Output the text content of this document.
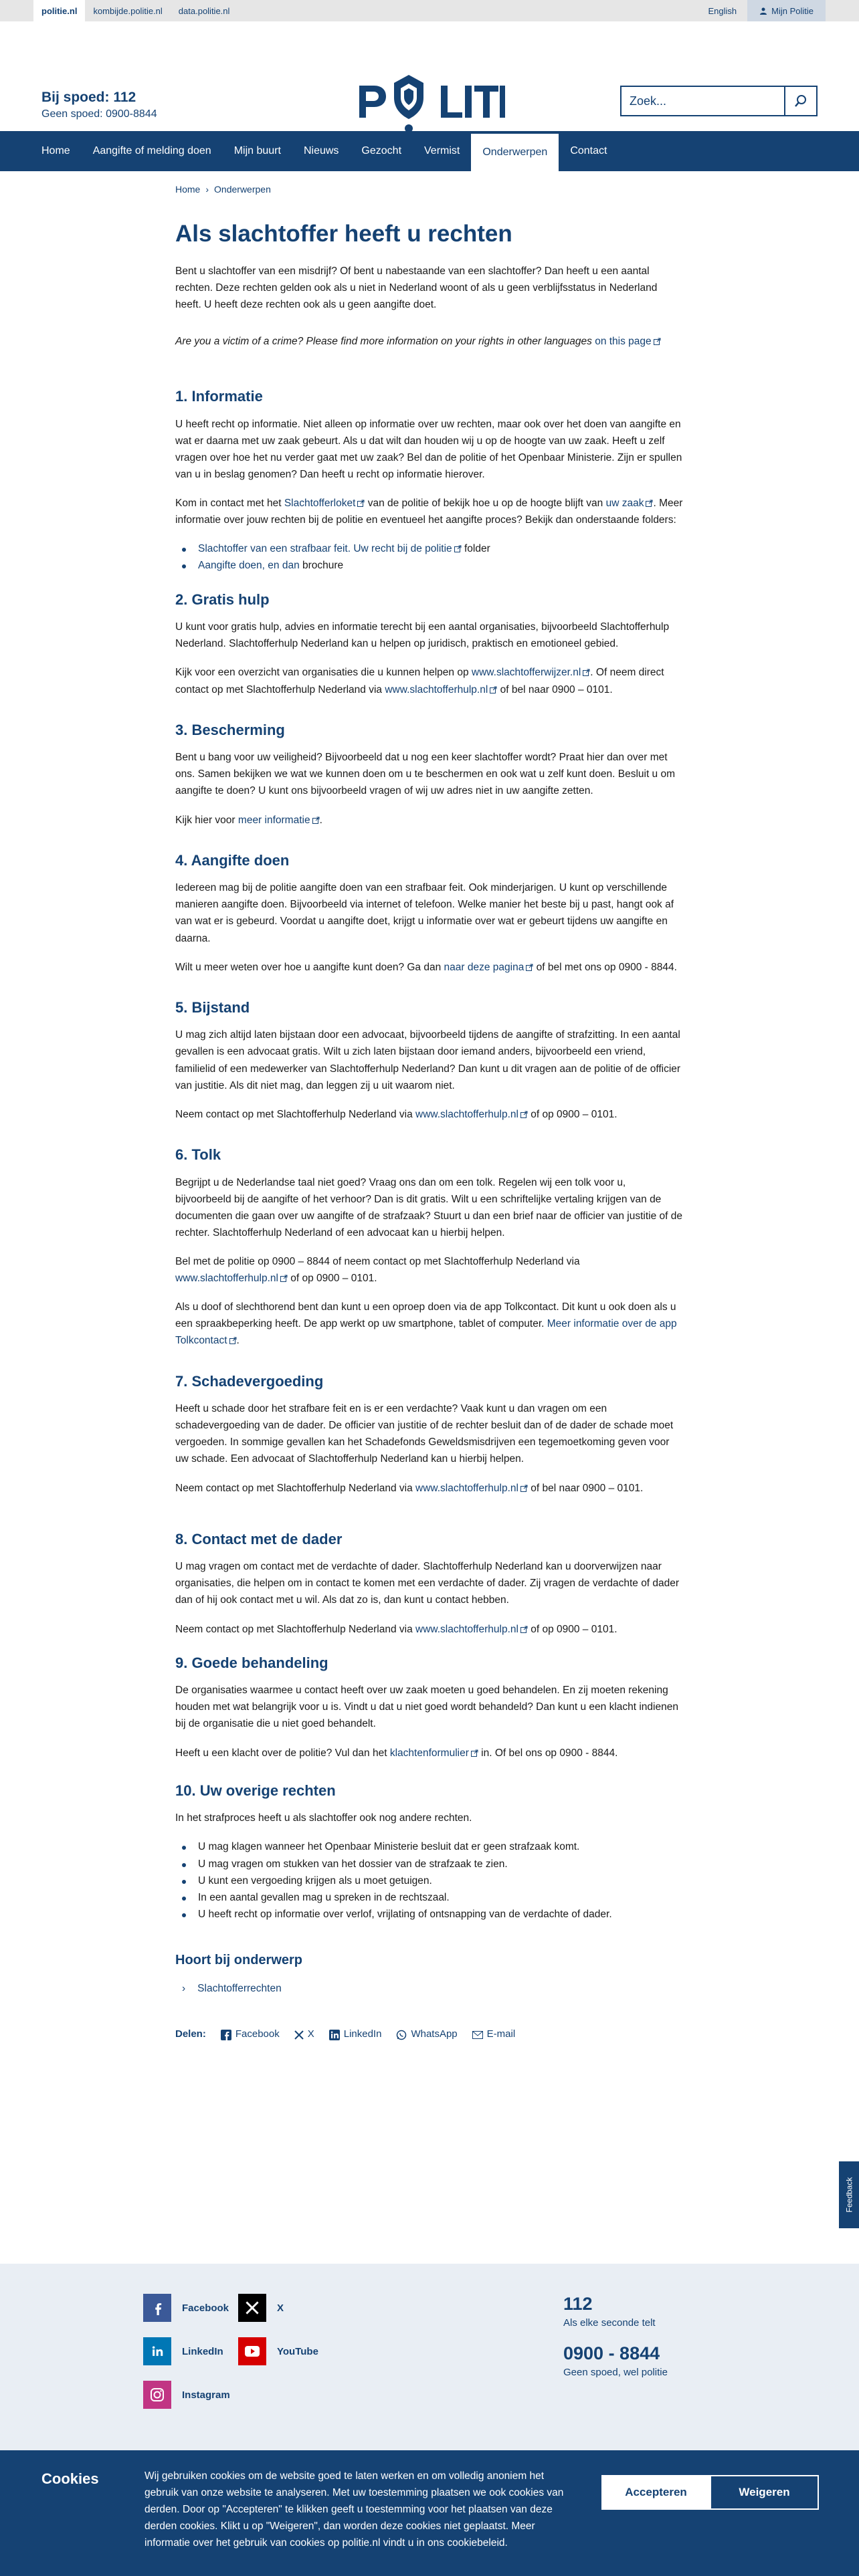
politie.nl	kombijde.politie.nl	data.politie.nl	English	Mijn Politie
Bij spoed: 112
Geen spoed: 0900-8844
POLITIE
Zoek...
Home	Aangifte of melding doen	Mijn buurt	Nieuws	Gezocht	Vermist	Onderwerpen	Contact
Home › Onderwerpen
Als slachtoffer heeft u rechten

Bent u slachtoffer van een misdrijf? Of bent u nabestaande van een slachtoffer? Dan heeft u een aantal rechten. Deze rechten gelden ook als u niet in Nederland woont of als u geen verblijfsstatus in Nederland heeft. U heeft deze rechten ook als u geen aangifte doet.

Are you a victim of a crime? Please find more information on your rights in other languages on this page

1. Informatie

U heeft recht op informatie. Niet alleen op informatie over uw rechten, maar ook over het doen van aangifte en wat er daarna met uw zaak gebeurt. Als u dat wilt dan houden wij u op de hoogte van uw zaak. Heeft u zelf vragen over hoe het nu verder gaat met uw zaak? Bel dan de politie of het Openbaar Ministerie. Zijn er spullen van u in beslag genomen? Dan heeft u recht op informatie hierover.

Kom in contact met het Slachtofferloket van de politie of bekijk hoe u op de hoogte blijft van uw zaak . Meer informatie over jouw rechten bij de politie en eventueel het aangifte proces? Bekijk dan onderstaande folders:

Slachtoffer van een strafbaar feit. Uw recht bij de politie folder
Aangifte doen, en dan brochure
2. Gratis hulp

U kunt voor gratis hulp, advies en informatie terecht bij een aantal organisaties, bijvoorbeeld Slachtofferhulp Nederland. Slachtofferhulp Nederland kan u helpen op juridisch, praktisch en emotioneel gebied.

Kijk voor een overzicht van organisaties die u kunnen helpen op www.slachtofferwijzer.nl . Of neem direct contact op met Slachtofferhulp Nederland via www.slachtofferhulp.nl of bel naar 0900 – 0101.

3. Bescherming

Bent u bang voor uw veiligheid? Bijvoorbeeld dat u nog een keer slachtoffer wordt? Praat hier dan over met ons. Samen bekijken we wat we kunnen doen om u te beschermen en ook wat u zelf kunt doen. Besluit u om aangifte te doen? U kunt ons bijvoorbeeld vragen of wij uw adres niet in uw aangifte zetten.

Kijk hier voor meer informatie .

4. Aangifte doen

Iedereen mag bij de politie aangifte doen van een strafbaar feit. Ook minderjarigen. U kunt op verschillende manieren aangifte doen. Bijvoorbeeld via internet of telefoon. Welke manier het beste bij u past, hangt ook af van wat er is gebeurd. Voordat u aangifte doet, krijgt u informatie over wat er gebeurt tijdens uw aangifte en daarna.

Wilt u meer weten over hoe u aangifte kunt doen? Ga dan naar deze pagina of bel met ons op 0900 - 8844.

5. Bijstand

U mag zich altijd laten bijstaan door een advocaat, bijvoorbeeld tijdens de aangifte of strafzitting. In een aantal gevallen is een advocaat gratis. Wilt u zich laten bijstaan door iemand anders, bijvoorbeeld een vriend, familielid of een medewerker van Slachtofferhulp Nederland? Dan kunt u dit vragen aan de politie of de officier van justitie. Als dit niet mag, dan leggen zij u uit waarom niet.

Neem contact op met Slachtofferhulp Nederland via www.slachtofferhulp.nl of op 0900 – 0101.

6. Tolk

Begrijpt u de Nederlandse taal niet goed? Vraag ons dan om een tolk. Regelen wij een tolk voor u, bijvoorbeeld bij de aangifte of het verhoor? Dan is dit gratis. Wilt u een schriftelijke vertaling krijgen van de documenten die gaan over uw aangifte of de strafzaak? Stuurt u dan een brief naar de officier van justitie of de rechter. Slachtofferhulp Nederland of een advocaat kan u hierbij helpen.

Bel met de politie op 0900 – 8844 of neem contact op met Slachtofferhulp Nederland via www.slachtofferhulp.nl of op 0900 – 0101.

Als u doof of slechthorend bent dan kunt u een oproep doen via de app Tolkcontact. Dit kunt u ook doen als u een spraakbeperking heeft. De app werkt op uw smartphone, tablet of computer. Meer informatie over de app Tolkcontact .

7. Schadevergoeding

Heeft u schade door het strafbare feit en is er een verdachte? Vaak kunt u dan vragen om een schadevergoeding van de dader. De officier van justitie of de rechter besluit dan of de dader de schade moet vergoeden. In sommige gevallen kan het Schadefonds Geweldsmisdrijven een tegemoetkoming geven voor uw schade. Een advocaat of Slachtofferhulp Nederland kan u hierbij helpen.

Neem contact op met Slachtofferhulp Nederland via www.slachtofferhulp.nl of bel naar 0900 – 0101.

8. Contact met de dader

U mag vragen om contact met de verdachte of dader. Slachtofferhulp Nederland kan u doorverwijzen naar organisaties, die helpen om in contact te komen met een verdachte of dader. Zij vragen de verdachte of dader dan of hij ook contact met u wil. Als dat zo is, dan kunt u contact hebben.

Neem contact op met Slachtofferhulp Nederland via www.slachtofferhulp.nl of op 0900 – 0101.

9. Goede behandeling

De organisaties waarmee u contact heeft over uw zaak moeten u goed behandelen. En zij moeten rekening houden met wat belangrijk voor u is. Vindt u dat u niet goed wordt behandeld? Dan kunt u een klacht indienen bij de organisatie die u niet goed behandelt.

Heeft u een klacht over de politie? Vul dan het klachtenformulier in. Of bel ons op 0900 - 8844.

10. Uw overige rechten

In het strafproces heeft u als slachtoffer ook nog andere rechten.

U mag klagen wanneer het Openbaar Ministerie besluit dat er geen strafzaak komt.
U mag vragen om stukken van het dossier van de strafzaak te zien.
U kunt een vergoeding krijgen als u moet getuigen.
In een aantal gevallen mag u spreken in de rechtszaal.
U heeft recht op informatie over verlof, vrijlating of ontsnapping van de verdachte of dader.
Hoort bij onderwerp
› Slachtofferrechten
Delen:	Facebook	X	LinkedIn	WhatsApp	E-mail
Feedback
Facebook	X
LinkedIn	YouTube
Instagram
112
Als elke seconde telt
0900 - 8844
Geen spoed, wel politie
Cookies	Wij gebruiken cookies om de website goed te laten werken en om volledig anoniem het gebruik van onze website te analyseren. Met uw toestemming plaatsen we ook cookies van derden. Door op "Accepteren" te klikken geeft u toestemming voor het plaatsen van deze derden cookies. Klikt u op "Weigeren", dan worden deze cookies niet geplaatst. Meer informatie over het gebruik van cookies op politie.nl vindt u in ons cookiebeleid.
Accepteren	Weigeren
